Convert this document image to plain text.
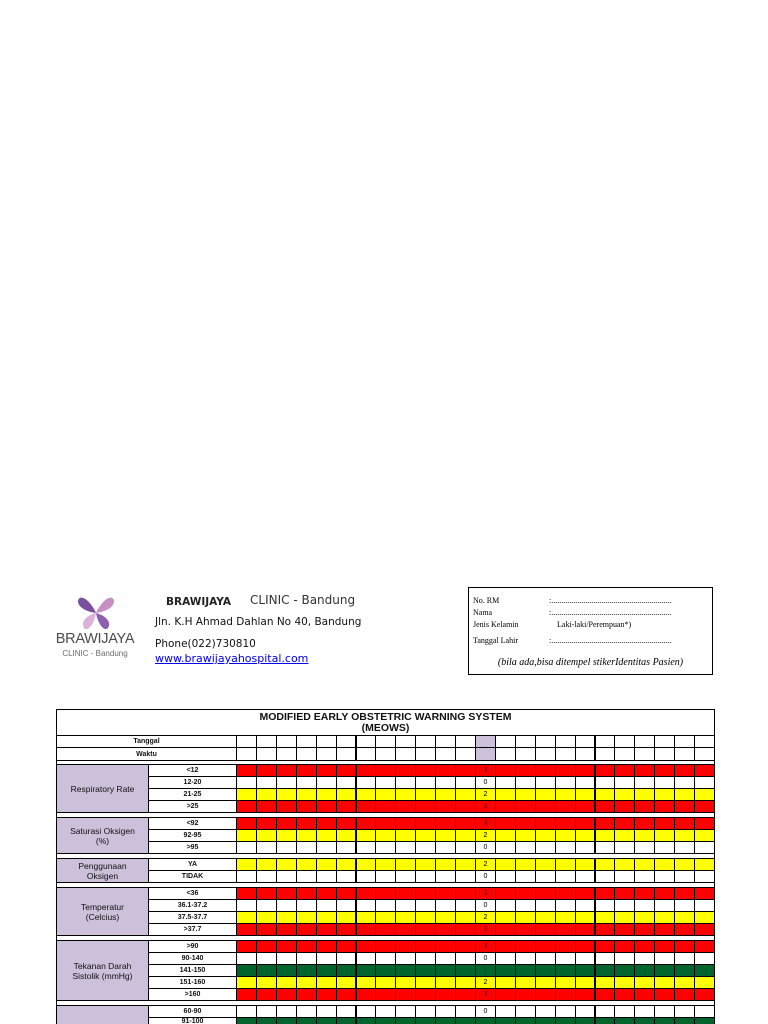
BRAWIJAYA
CLINIC - Bandung
BRAWIJAYA CLINIC - Bandung
Jln. K.H Ahmad Dahlan No 40, Bandung
Phone(022)730810
www.brawijayahospital.com
No. RM	:............................................................
Nama	:............................................................
Jenis Kelamin	Laki-laki/Perempuan*)
Tanggal Lahir	:............................................................
(bila ada,bisa ditempel stikerIdentitas Pasien)
MODIFIED EARLY OBSTETRIC WARNING SYSTEM
(MEOWS)
Tanggal
Waktu
Respiratory Rate
<12	3
12-20	0
21-25	2
>25	3
Saturasi Oksigen
(%)
<92	3
92-95	2
>95	0
Penggunaan
Oksigen
YA	2
TIDAK	0
Temperatur
(Celcius)
<36	3
36.1-37.2	0
37.5-37.7	2
>37.7	3
Tekanan Darah
Sistolik (mmHg)
>90	3
90-140	0
141-150	1
151-160	2
>160	3
60-90	0
91-100
